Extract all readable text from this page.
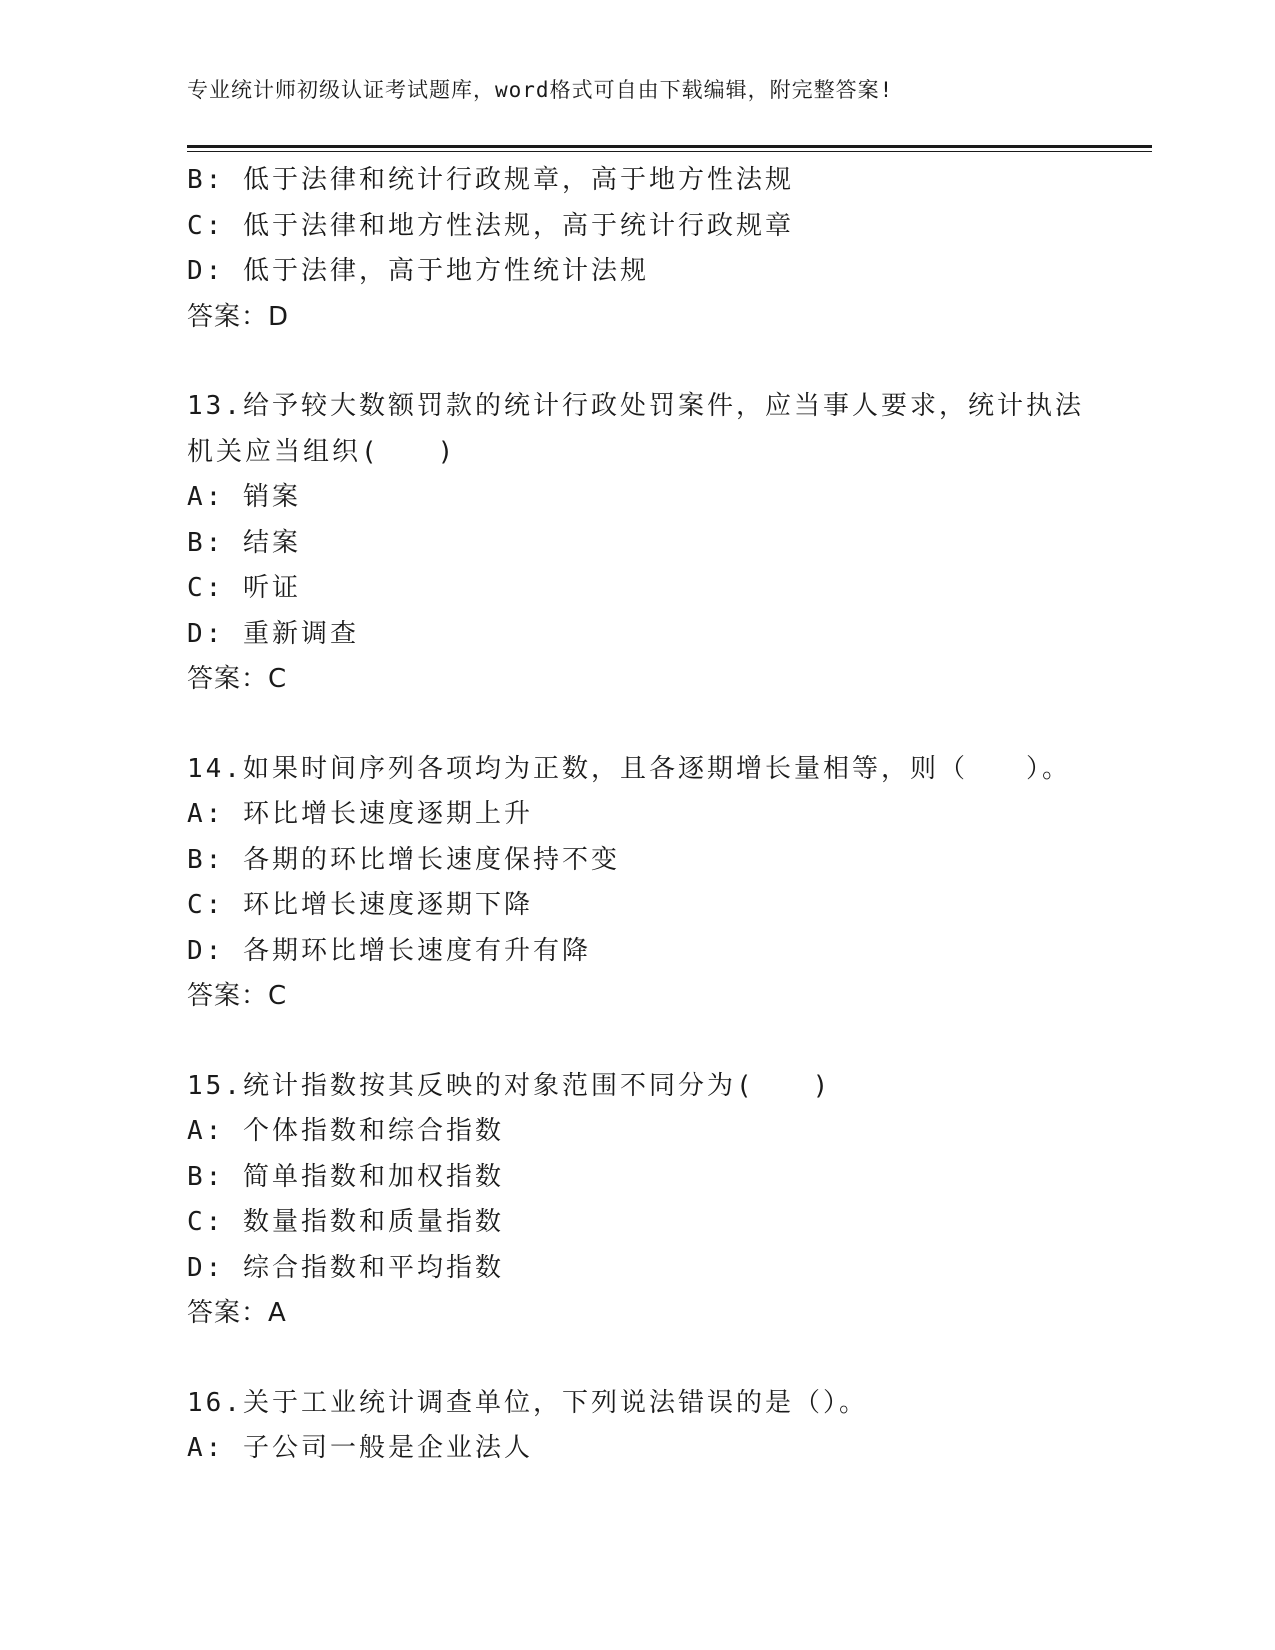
专业统计师初级认证考试题库，word格式可自由下载编辑，附完整答案!
B: 低于法律和统计行政规章，高于地方性法规
C: 低于法律和地方性法规，高于统计行政规章
D: 低于法律，高于地方性统计法规
答案：D
13.给予较大数额罚款的统计行政处罚案件，应当事人要求，统计执法
机关应当组织(　　)
A: 销案
B: 结案
C: 听证
D: 重新调查
答案：C
14.如果时间序列各项均为正数，且各逐期增长量相等，则（　　）。
A: 环比增长速度逐期上升
B: 各期的环比增长速度保持不变
C: 环比增长速度逐期下降
D: 各期环比增长速度有升有降
答案：C
15.统计指数按其反映的对象范围不同分为(　　)
A: 个体指数和综合指数
B: 简单指数和加权指数
C: 数量指数和质量指数
D: 综合指数和平均指数
答案：A
16.关于工业统计调查单位，下列说法错误的是（）。
A: 子公司一般是企业法人
